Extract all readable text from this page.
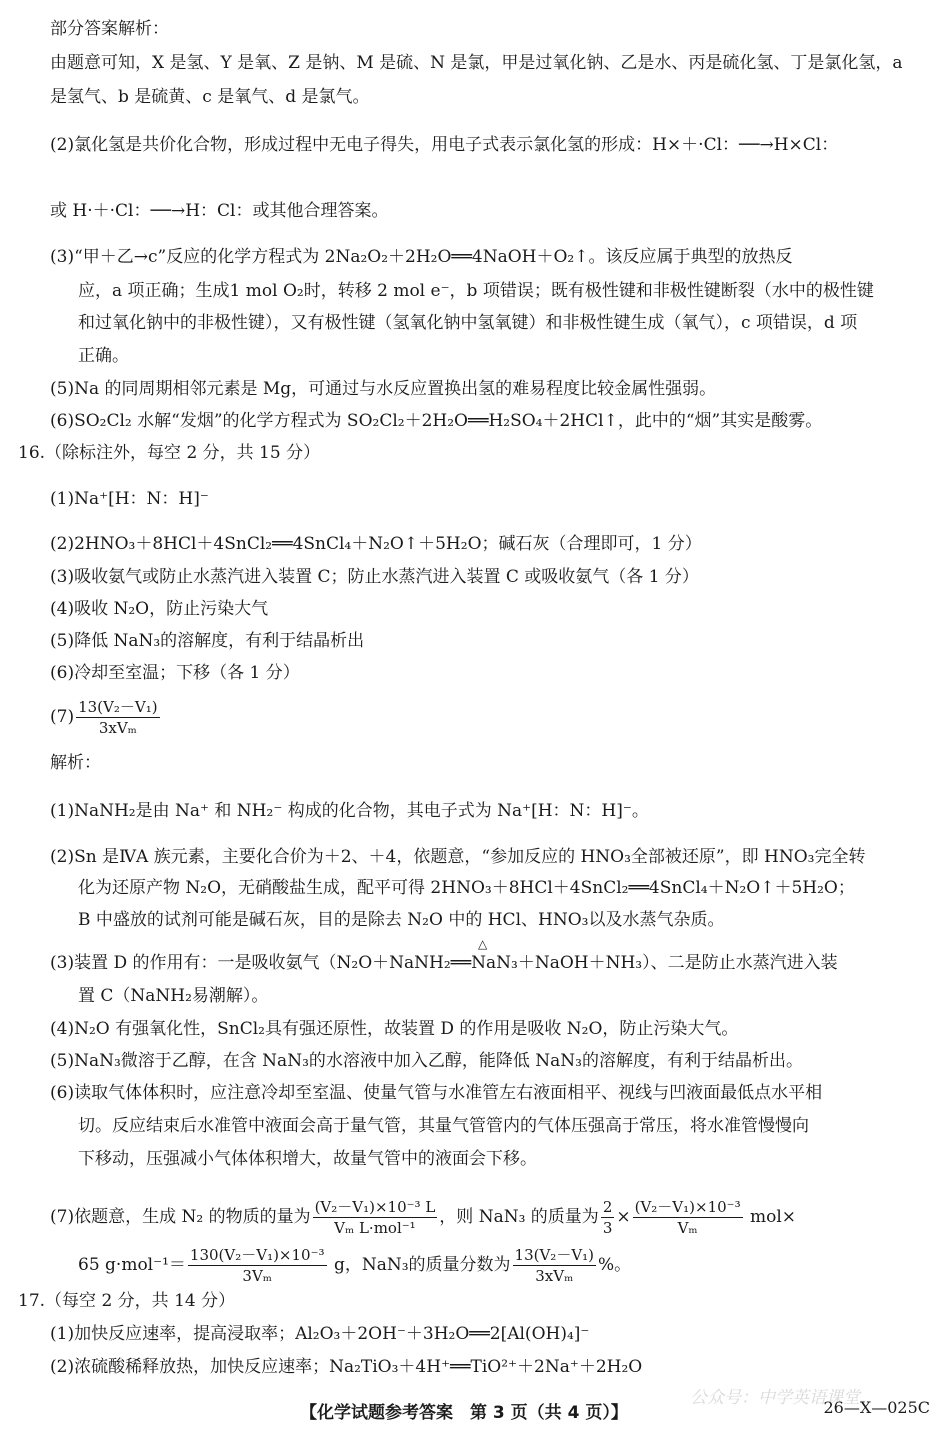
部分答案解析：
由题意可知，X 是氢、Y 是氧、Z 是钠、M 是硫、N 是氯，甲是过氧化钠、乙是水、丙是硫化氢、丁是氯化氢，a
是氢气、b 是硫黄、c 是氧气、d 是氯气。
(2)氯化氢是共价化合物，形成过程中无电子得失，用电子式表示氯化氢的形成：H×＋·Cl：──→H×Cl：
或 H·＋·Cl：──→H：Cl：或其他合理答案。
(3)“甲＋乙→c”反应的化学方程式为 2Na₂O₂＋2H₂O══4NaOH＋O₂↑。该反应属于典型的放热反
应，a 项正确；生成1 mol O₂时，转移 2 mol e⁻，b 项错误；既有极性键和非极性键断裂（水中的极性键
和过氧化钠中的非极性键），又有极性键（氢氧化钠中氢氧键）和非极性键生成（氧气），c 项错误，d 项
正确。
(5)Na 的同周期相邻元素是 Mg，可通过与水反应置换出氢的难易程度比较金属性强弱。
(6)SO₂Cl₂ 水解“发烟”的化学方程式为 SO₂Cl₂＋2H₂O══H₂SO₄＋2HCl↑，此中的“烟”其实是酸雾。
16.（除标注外，每空 2 分，共 15 分）
(1)Na⁺[H：N：H]⁻
(2)2HNO₃＋8HCl＋4SnCl₂══4SnCl₄＋N₂O↑＋5H₂O；碱石灰（合理即可，1 分）
(3)吸收氨气或防止水蒸汽进入装置 C；防止水蒸汽进入装置 C 或吸收氨气（各 1 分）
(4)吸收 N₂O，防止污染大气
(5)降低 NaN₃的溶解度，有利于结晶析出
(6)冷却至室温；下移（各 1 分）
$(7) \frac{\text{13(V₂－V₁)}}{\text{3xVₘ}}$
解析：
(1)NaNH₂是由 Na⁺ 和 NH₂⁻ 构成的化合物，其电子式为 Na⁺[H：N：H]⁻。
(2)Sn 是ⅣA 族元素，主要化合价为＋2、＋4，依题意，“参加反应的 HNO₃全部被还原”，即 HNO₃完全转
化为还原产物 N₂O，无硝酸盐生成，配平可得 2HNO₃＋8HCl＋4SnCl₂══4SnCl₄＋N₂O↑＋5H₂O；
B 中盛放的试剂可能是碱石灰，目的是除去 N₂O 中的 HCl、HNO₃以及水蒸气杂质。
(3)装置 D 的作用有：一是吸收氨气（N₂O＋NaNH₂══NaN₃＋NaOH＋NH₃）、二是防止水蒸汽进入装
△
置 C（NaNH₂易潮解）。
(4)N₂O 有强氧化性，SnCl₂具有强还原性，故装置 D 的作用是吸收 N₂O，防止污染大气。
(5)NaN₃微溶于乙醇，在含 NaN₃的水溶液中加入乙醇，能降低 NaN₃的溶解度，有利于结晶析出。
(6)读取气体体积时，应注意冷却至室温、使量气管与水准管左右液面相平、视线与凹液面最低点水平相
切。反应结束后水准管中液面会高于量气管，其量气管管内的气体压强高于常压，将水准管慢慢向
下移动，压强减小气体体积增大，故量气管中的液面会下移。
(7)依题意，生成 N₂ 的物质的量为 $\frac{\text{(V₂－V₁)×10⁻³ L}}{\text{Vₘ L·mol⁻¹}}$ ，则 NaN₃ 的质量为 $\frac{2}{3} \times \frac{\text{(V₂－V₁)×10⁻³}}{\text{Vₘ}} mol\times$
65 $g\cdot mol^{-1}= \frac{\text{130(V₂－V₁)×10⁻³}}{\text{3Vₘ}}$ g，NaN₃的质量分数为 $\frac{\text{13(V₂－V₁)}}{\text{3xVₘ}}$ %。
17.（每空 2 分，共 14 分）
(1)加快反应速率，提高浸取率；Al₂O₃＋2OH⁻＋3H₂O══2[Al(OH)₄]⁻
(2)浓硫酸稀释放热，加快反应速率；Na₂TiO₃＋4H⁺══TiO²⁺＋2Na⁺＋2H₂O
公众号：中学英语课堂
【化学试题参考答案　第 3 页（共 4 页）】	26—X—025C
